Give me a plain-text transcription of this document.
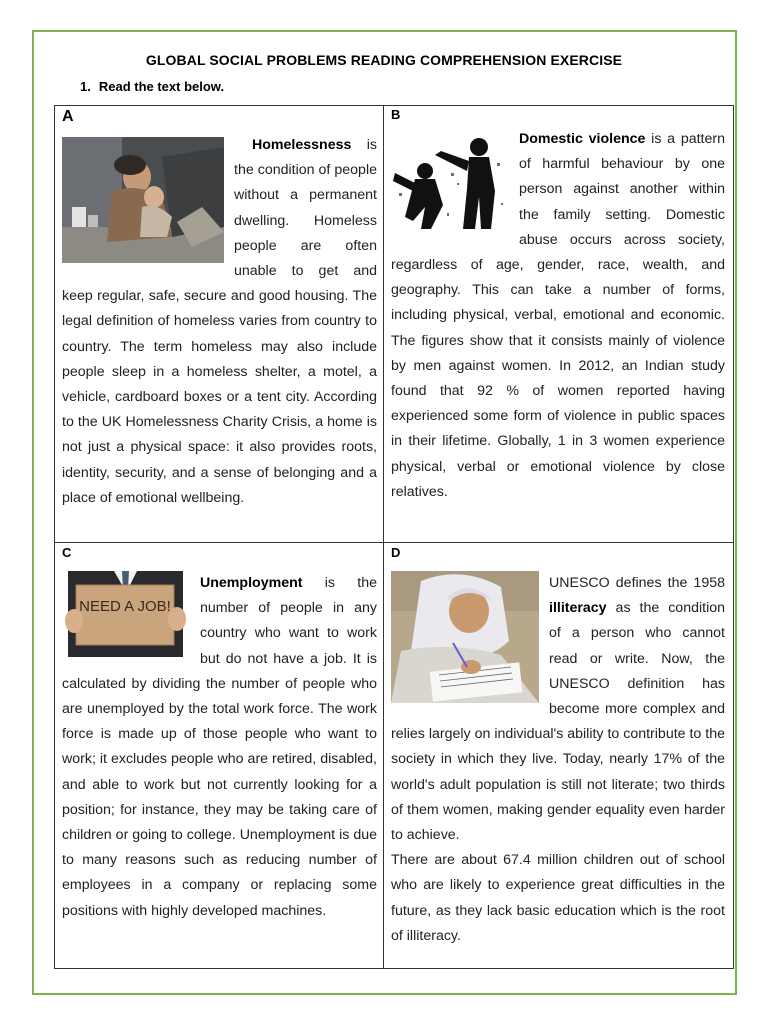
GLOBAL SOCIAL PROBLEMS READING COMPREHENSION EXERCISE
1. Read the text below.
A

Homelessness is the condition of people without a permanent dwelling. Homeless people are often unable to get and keep regular, safe, secure and good housing. The legal definition of homeless varies from country to country. The term homeless may also include people sleep in a homeless shelter, a motel, a vehicle, cardboard boxes or a tent city. According to the UK Homelessness Charity Crisis, a home is not just a physical space: it also provides roots, identity, security, and a sense of belonging and a place of emotional wellbeing.

B

Domestic violence is a pattern of harmful behaviour by one person against another within the family setting. Domestic abuse occurs across society, regardless of age, gender, race, wealth, and geography. This can take a number of forms, including physical, verbal, emotional and economic. The figures show that it consists mainly of violence by men against women. In 2012, an Indian study found that 92 % of women reported having experienced some form of violence in public spaces in their lifetime. Globally, 1 in 3 women experience physical, verbal or emotional violence by close relatives.

C
NEED A JOB!

Unemployment is the number of people in any country who want to work but do not have a job. It is calculated by dividing the number of people who are unemployed by the total work force. The work force is made up of those people who want to work; it excludes people who are retired, disabled, and able to work but not currently looking for a position; for instance, they may be taking care of children or going to college. Unemployment is due to many reasons such as reducing number of employees in a company or replacing some positions with highly developed machines.

D

UNESCO defines the 1958 illiteracy as the condition of a person who cannot read or write. Now, the UNESCO definition has become more complex and relies largely on individual's ability to contribute to the society in which they live. Today, nearly 17% of the world's adult population is still not literate; two thirds of them women, making gender equality even harder to achieve.

There are about 67.4 million children out of school who are likely to experience great difficulties in the future, as they lack basic education which is the root of illiteracy.
